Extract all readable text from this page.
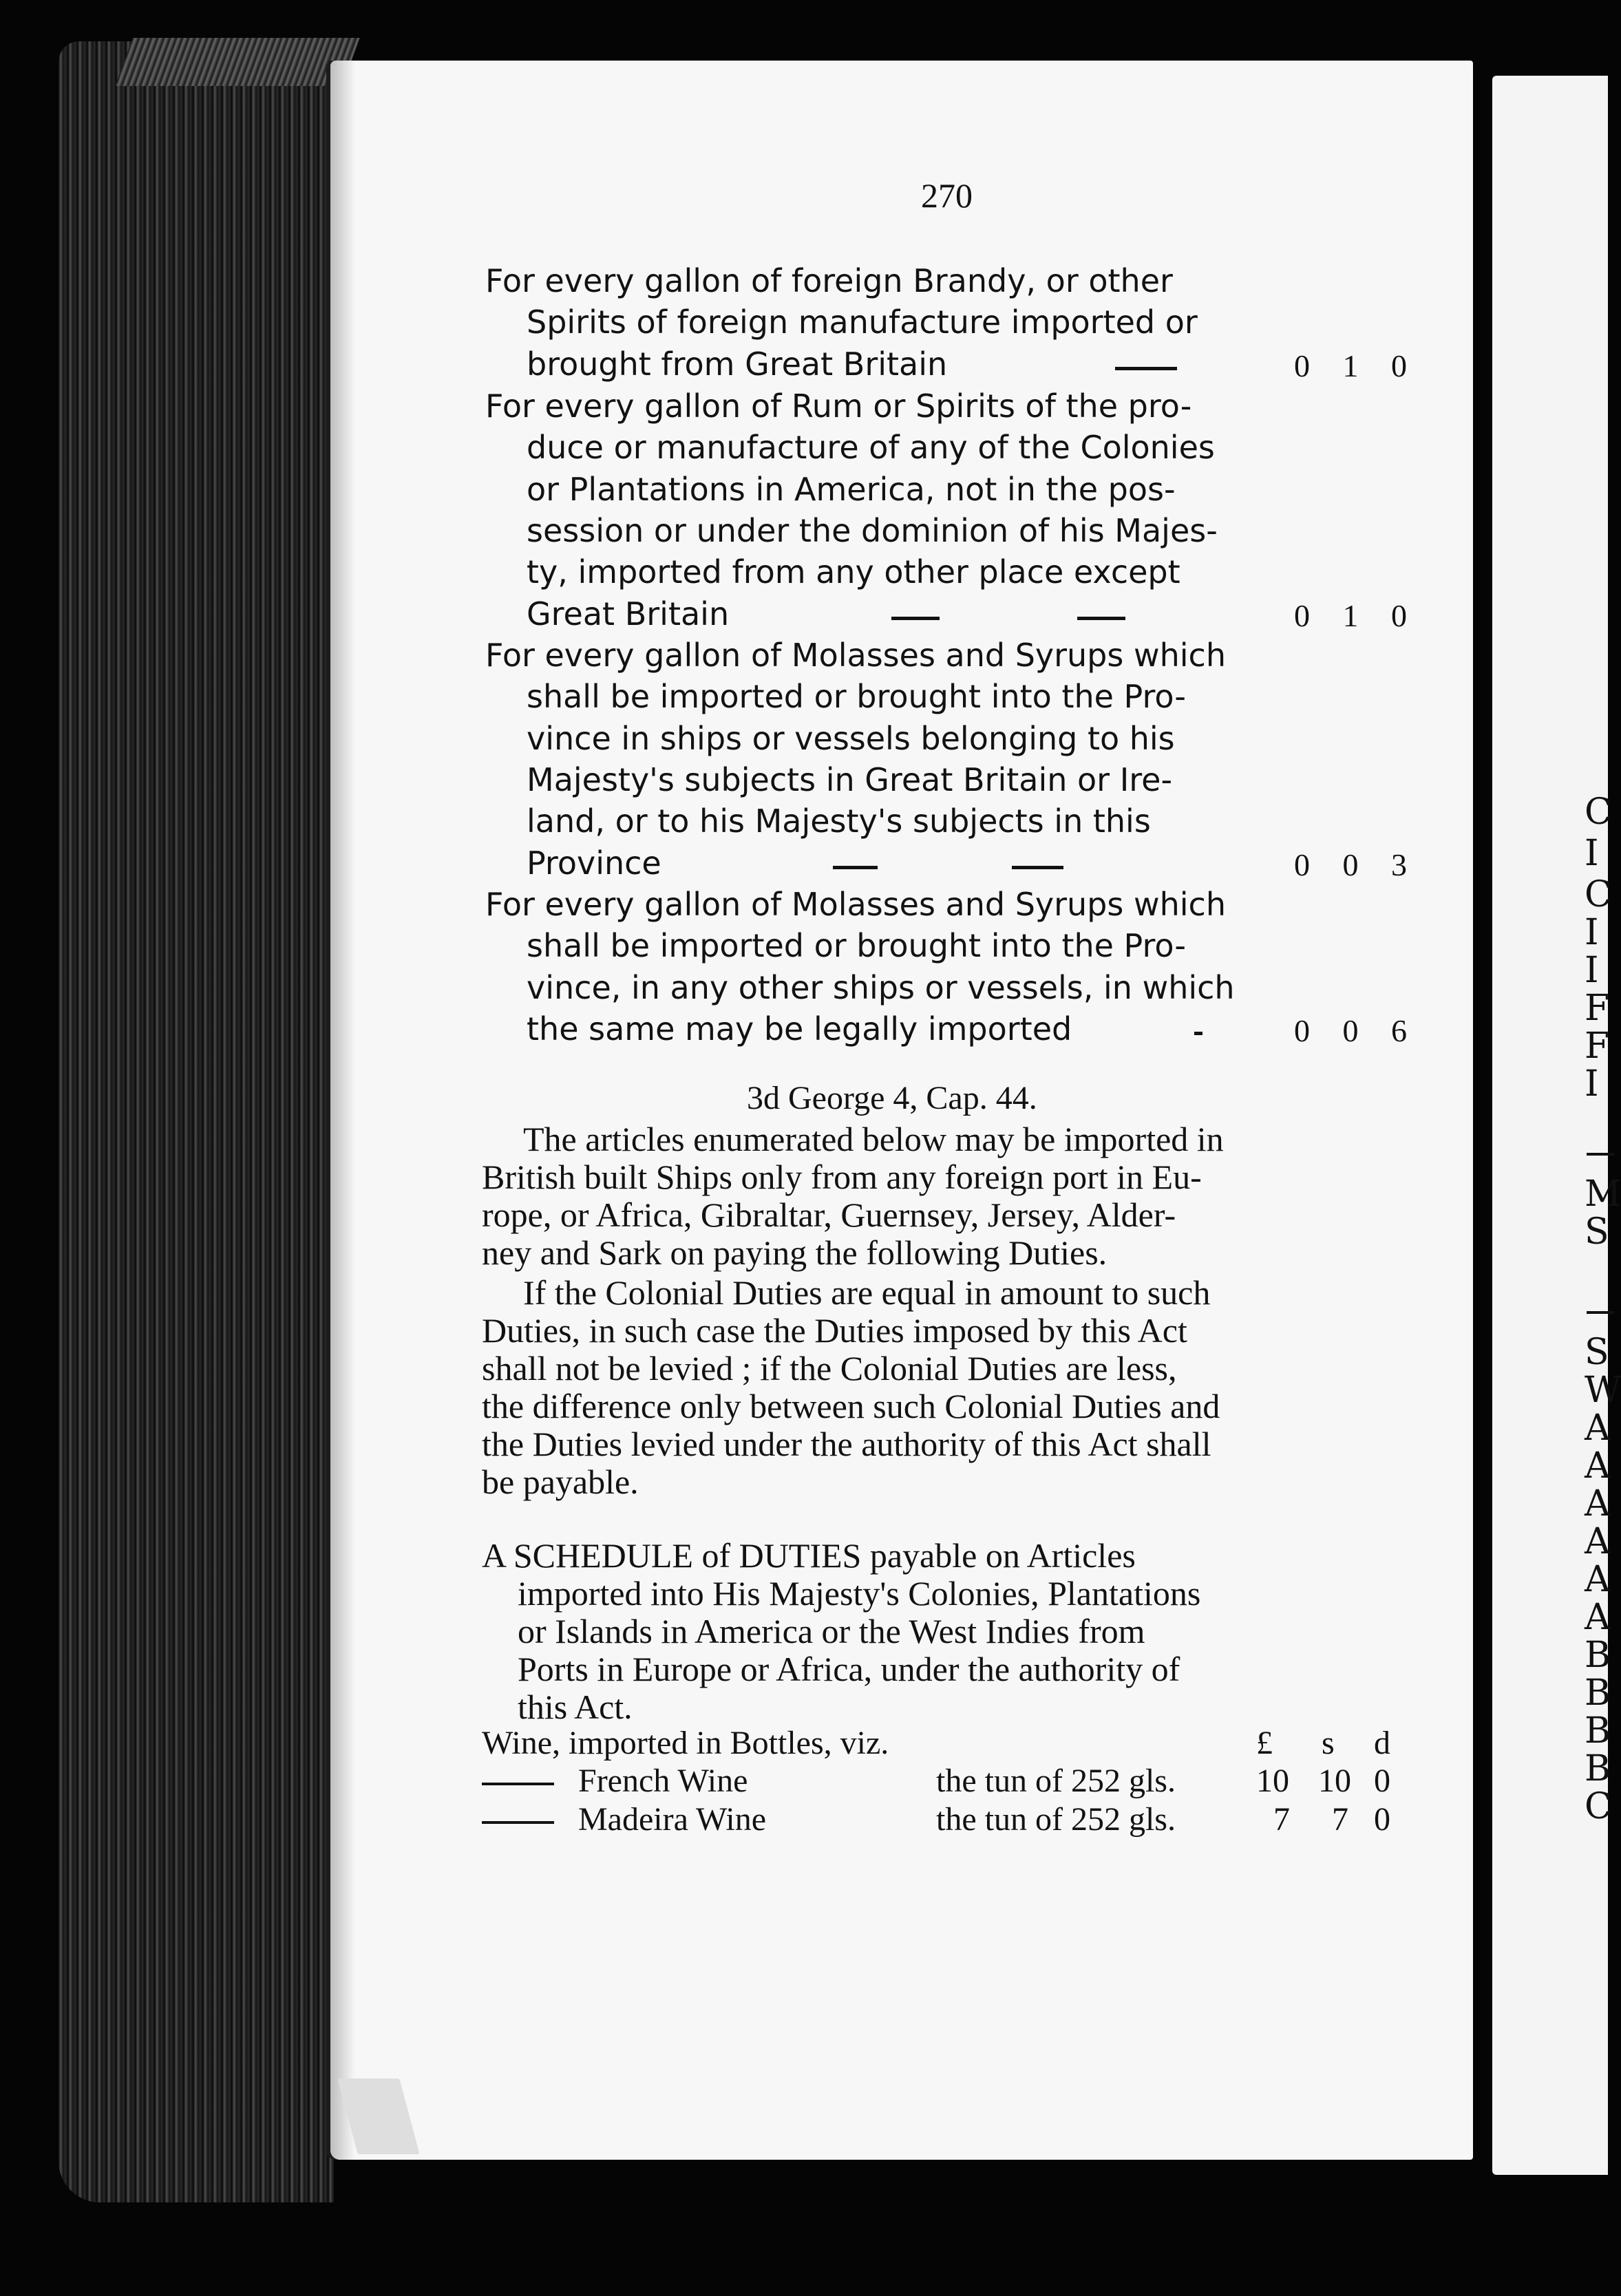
C
I
C
I
I
F
F
I
M
S
S
W
A
A
A
A
A
A
B
B
B
B
C
270
For every gallon of foreign Brandy, or other
Spirits of foreign manufacture imported or
brought from Great Britain	0 1 0
For every gallon of Rum or Spirits of the pro-
duce or manufacture of any of the Colonies
or Plantations in America, not in the pos-
session or under the dominion of his Majes-
ty, imported from any other place except
Great Britain	0 1 0
For every gallon of Molasses and Syrups which
shall be imported or brought into the Pro-
vince in ships or vessels belonging to his
Majesty's subjects in Great Britain or Ire-
land, or to his Majesty's subjects in this
Province	0 0 3
For every gallon of Molasses and Syrups which
shall be imported or brought into the Pro-
vince, in any other ships or vessels, in which
the same may be legally imported	0 0 6
3d George 4, Cap. 44.
The articles enumerated below may be imported in
British built Ships only from any foreign port in Eu-
rope, or Africa, Gibraltar, Guernsey, Jersey, Alder-
ney and Sark on paying the following Duties.
If the Colonial Duties are equal in amount to such
Duties, in such case the Duties imposed by this Act
shall not be levied ; if the Colonial Duties are less,
the difference only between such Colonial Duties and
the Duties levied under the authority of this Act shall
be payable.
A SCHEDULE of DUTIES payable on Articles
imported into His Majesty's Colonies, Plantations
or Islands in America or the West Indies from
Ports in Europe or Africa, under the authority of
this Act.
Wine, imported in Bottles, viz.	£ s d
French Wine	the tun of 252 gls. 10 10 0
Madeira Wine	the tun of 252 gls.	7 7 0
